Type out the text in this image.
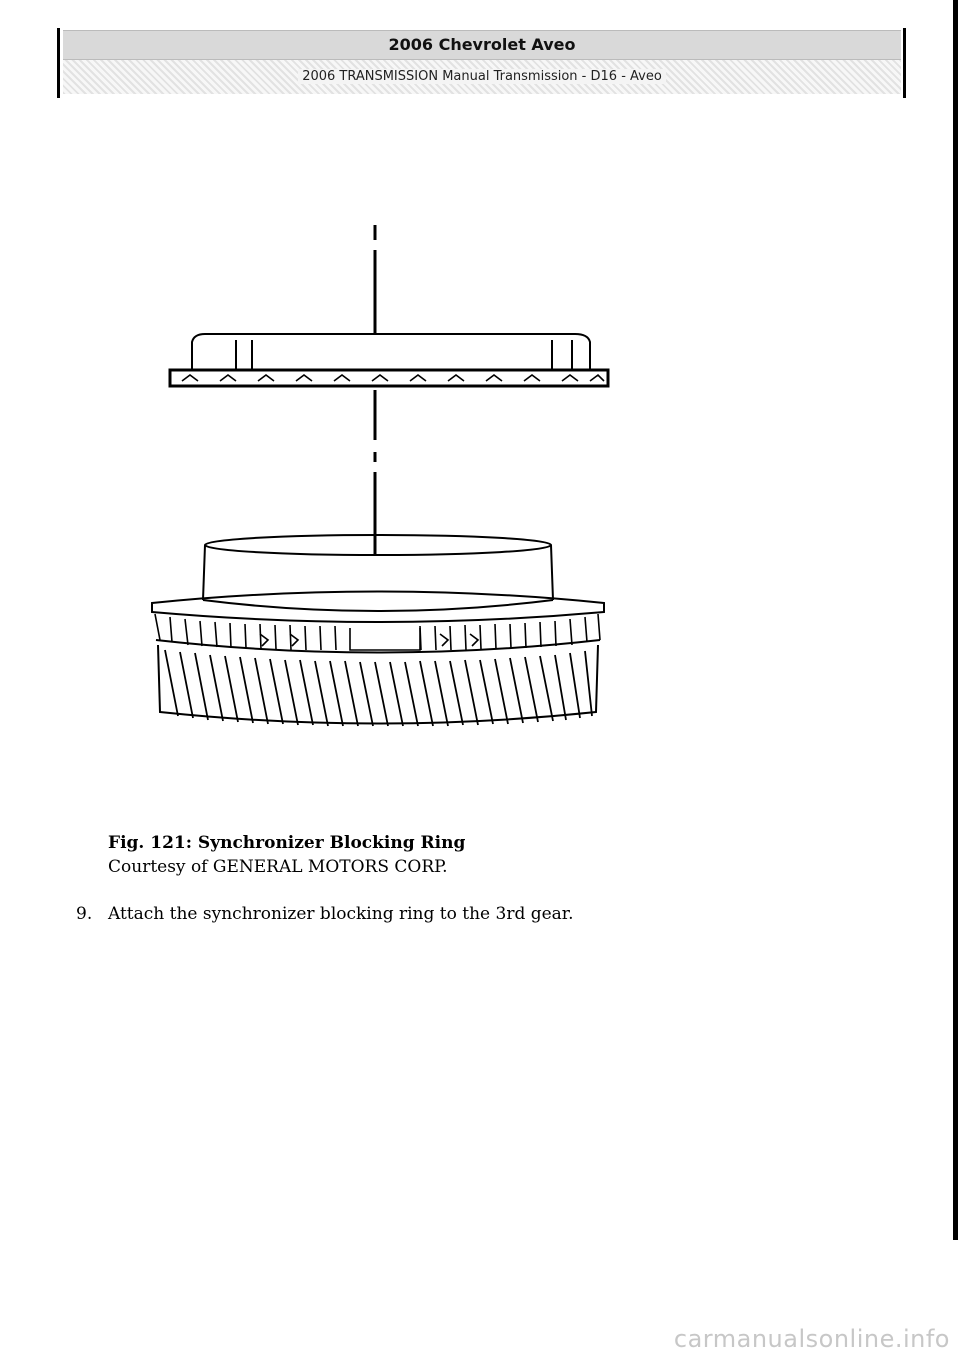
2006 Chevrolet Aveo
2006 TRANSMISSION Manual Transmission - D16 - Aveo
Fig. 121: Synchronizer Blocking Ring
Courtesy of GENERAL MOTORS CORP.
9. Attach the synchronizer blocking ring to the 3rd gear.
carmanualsonline.info
